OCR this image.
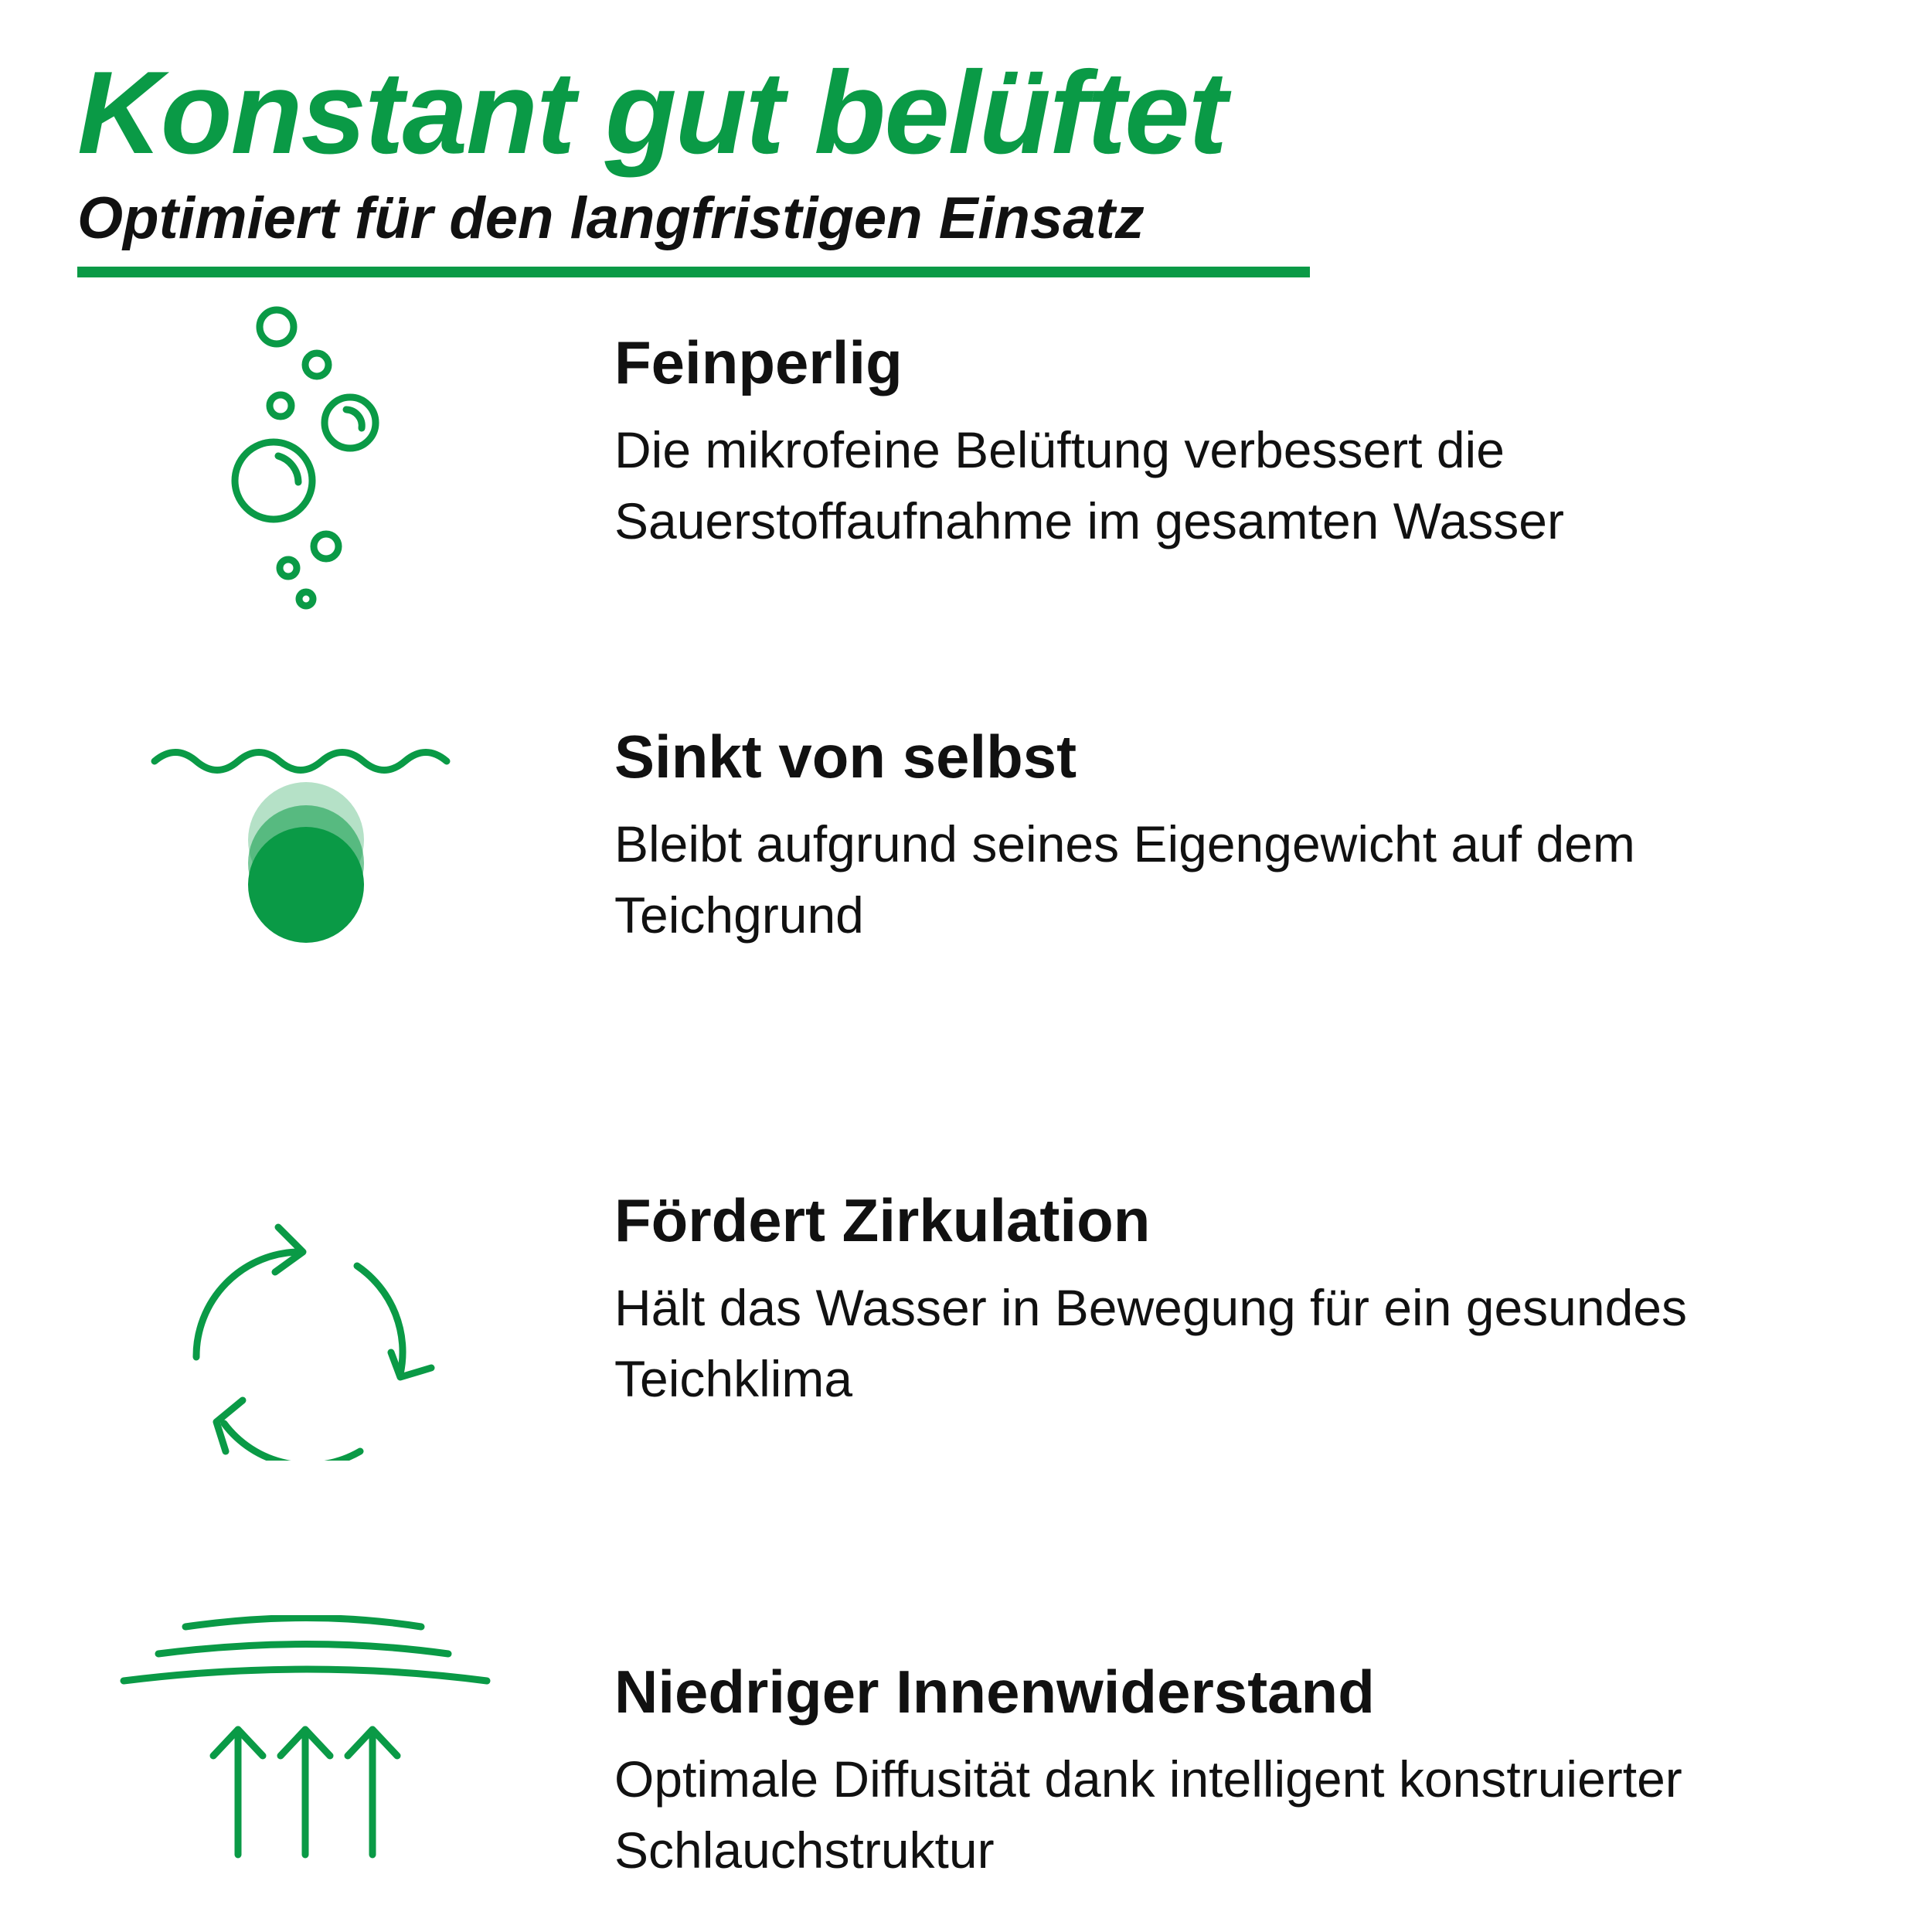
Konstant gut belüftet
Optimiert für den langfristigen Einsatz
Feinperlig

Die mikrofeine Belüftung verbessert die

Sauerstoffaufnahme im gesamten Wasser

Sinkt von selbst

Bleibt aufgrund seines Eigengewicht auf dem

Teichgrund

Fördert Zirkulation

Hält das Wasser in Bewegung für ein gesundes

Teichklima

Niedriger Innenwiderstand

Optimale Diffusität dank intelligent konstruierter

Schlauchstruktur
